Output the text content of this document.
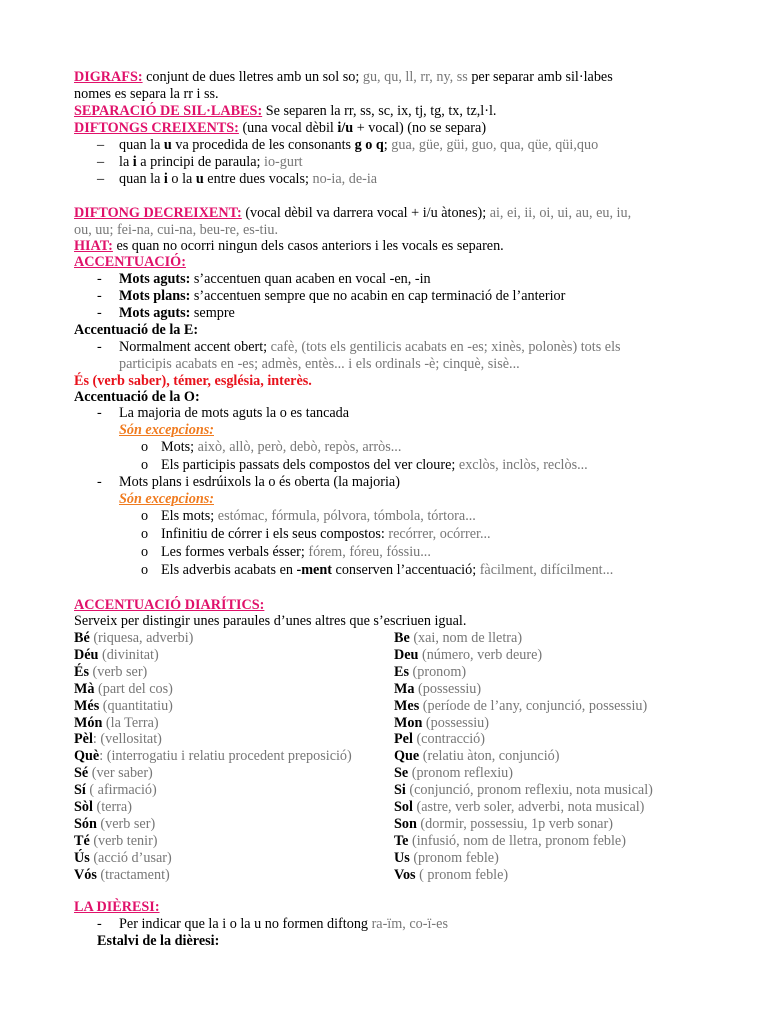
DIGRAFS: conjunt de dues lletres amb un sol so; gu, qu, ll, rr, ny, ss per separar amb sil·labes
nomes es separa la rr i ss.
SEPARACIÓ DE SIL·LABES: Se separen la rr, ss, sc, ix, tj, tg, tx, tz,l·l.
DIFTONGS CREIXENTS: (una vocal dèbil i/u + vocal) (no se separa)
– quan la u va procedida de les consonants g o q; gua, güe, güi, guo, qua, qüe, qüi,quo
– la i a principi de paraula; io-gurt
– quan la i o la u entre dues vocals; no-ia, de-ia
DIFTONG DECREIXENT: (vocal dèbil va darrera vocal + i/u àtones); ai, ei, ii, oi, ui, au, eu, iu,
ou, uu; fei-na, cui-na, beu-re, es-tiu.
HIAT: es quan no ocorri ningun dels casos anteriors i les vocals es separen.
ACCENTUACIÓ:
- Mots aguts: s’accentuen quan acaben en vocal -en, -in
- Mots plans: s’accentuen sempre que no acabin en cap terminació de l’anterior
- Mots aguts: sempre
Accentuació de la E:
- Normalment accent obert; cafè, (tots els gentilicis acabats en -es; xinès, polonès) tots els
participis acabats en -es; admès, entès... i els ordinals -è; cinquè, sisè...
És (verb saber), témer, església, interès.
Accentuació de la O:
- La majoria de mots aguts la o es tancada
Són excepcions:
o Mots; això, allò, però, debò, repòs, arròs...
o Els participis passats dels compostos del ver cloure; exclòs, inclòs, reclòs...
- Mots plans i esdrúixols la o és oberta (la majoria)
Són excepcions:
o Els mots; estómac, fórmula, pólvora, tómbola, tórtora...
o Infinitiu de córrer i els seus compostos: recórrer, ocórrer...
o Les formes verbals ésser; fórem, fóreu, fóssiu...
o Els adverbis acabats en -ment conserven l’accentuació; fàcilment, difícilment...
ACCENTUACIÓ DIARÍTICS:
Serveix per distingir unes paraules d’unes altres que s’escriuen igual.
LA DIÈRESI:
- Per indicar que la i o la u no formen diftong ra-ïm, co-ï-es
Estalvi de la dièresi:
Bé (riquesa, adverbi)
Déu (divinitat)
És (verb ser)
Mà (part del cos)
Més (quantitatiu)
Món (la Terra)
Pèl: (vellositat)
Què: (interrogatiu i relatiu procedent preposició)
Sé (ver saber)
Sí ( afirmació)
Sòl (terra)
Són (verb ser)
Té (verb tenir)
Ús (acció d’usar)
Vós (tractament)
Be (xai, nom de lletra)
Deu (número, verb deure)
Es (pronom)
Ma (possessiu)
Mes (període de l’any, conjunció, possessiu)
Mon (possessiu)
Pel (contracció)
Que (relatiu àton, conjunció)
Se (pronom reflexiu)
Si (conjunció, pronom reflexiu, nota musical)
Sol (astre, verb soler, adverbi, nota musical)
Son (dormir, possessiu, 1p verb sonar)
Te (infusió, nom de lletra, pronom feble)
Us (pronom feble)
Vos ( pronom feble)
